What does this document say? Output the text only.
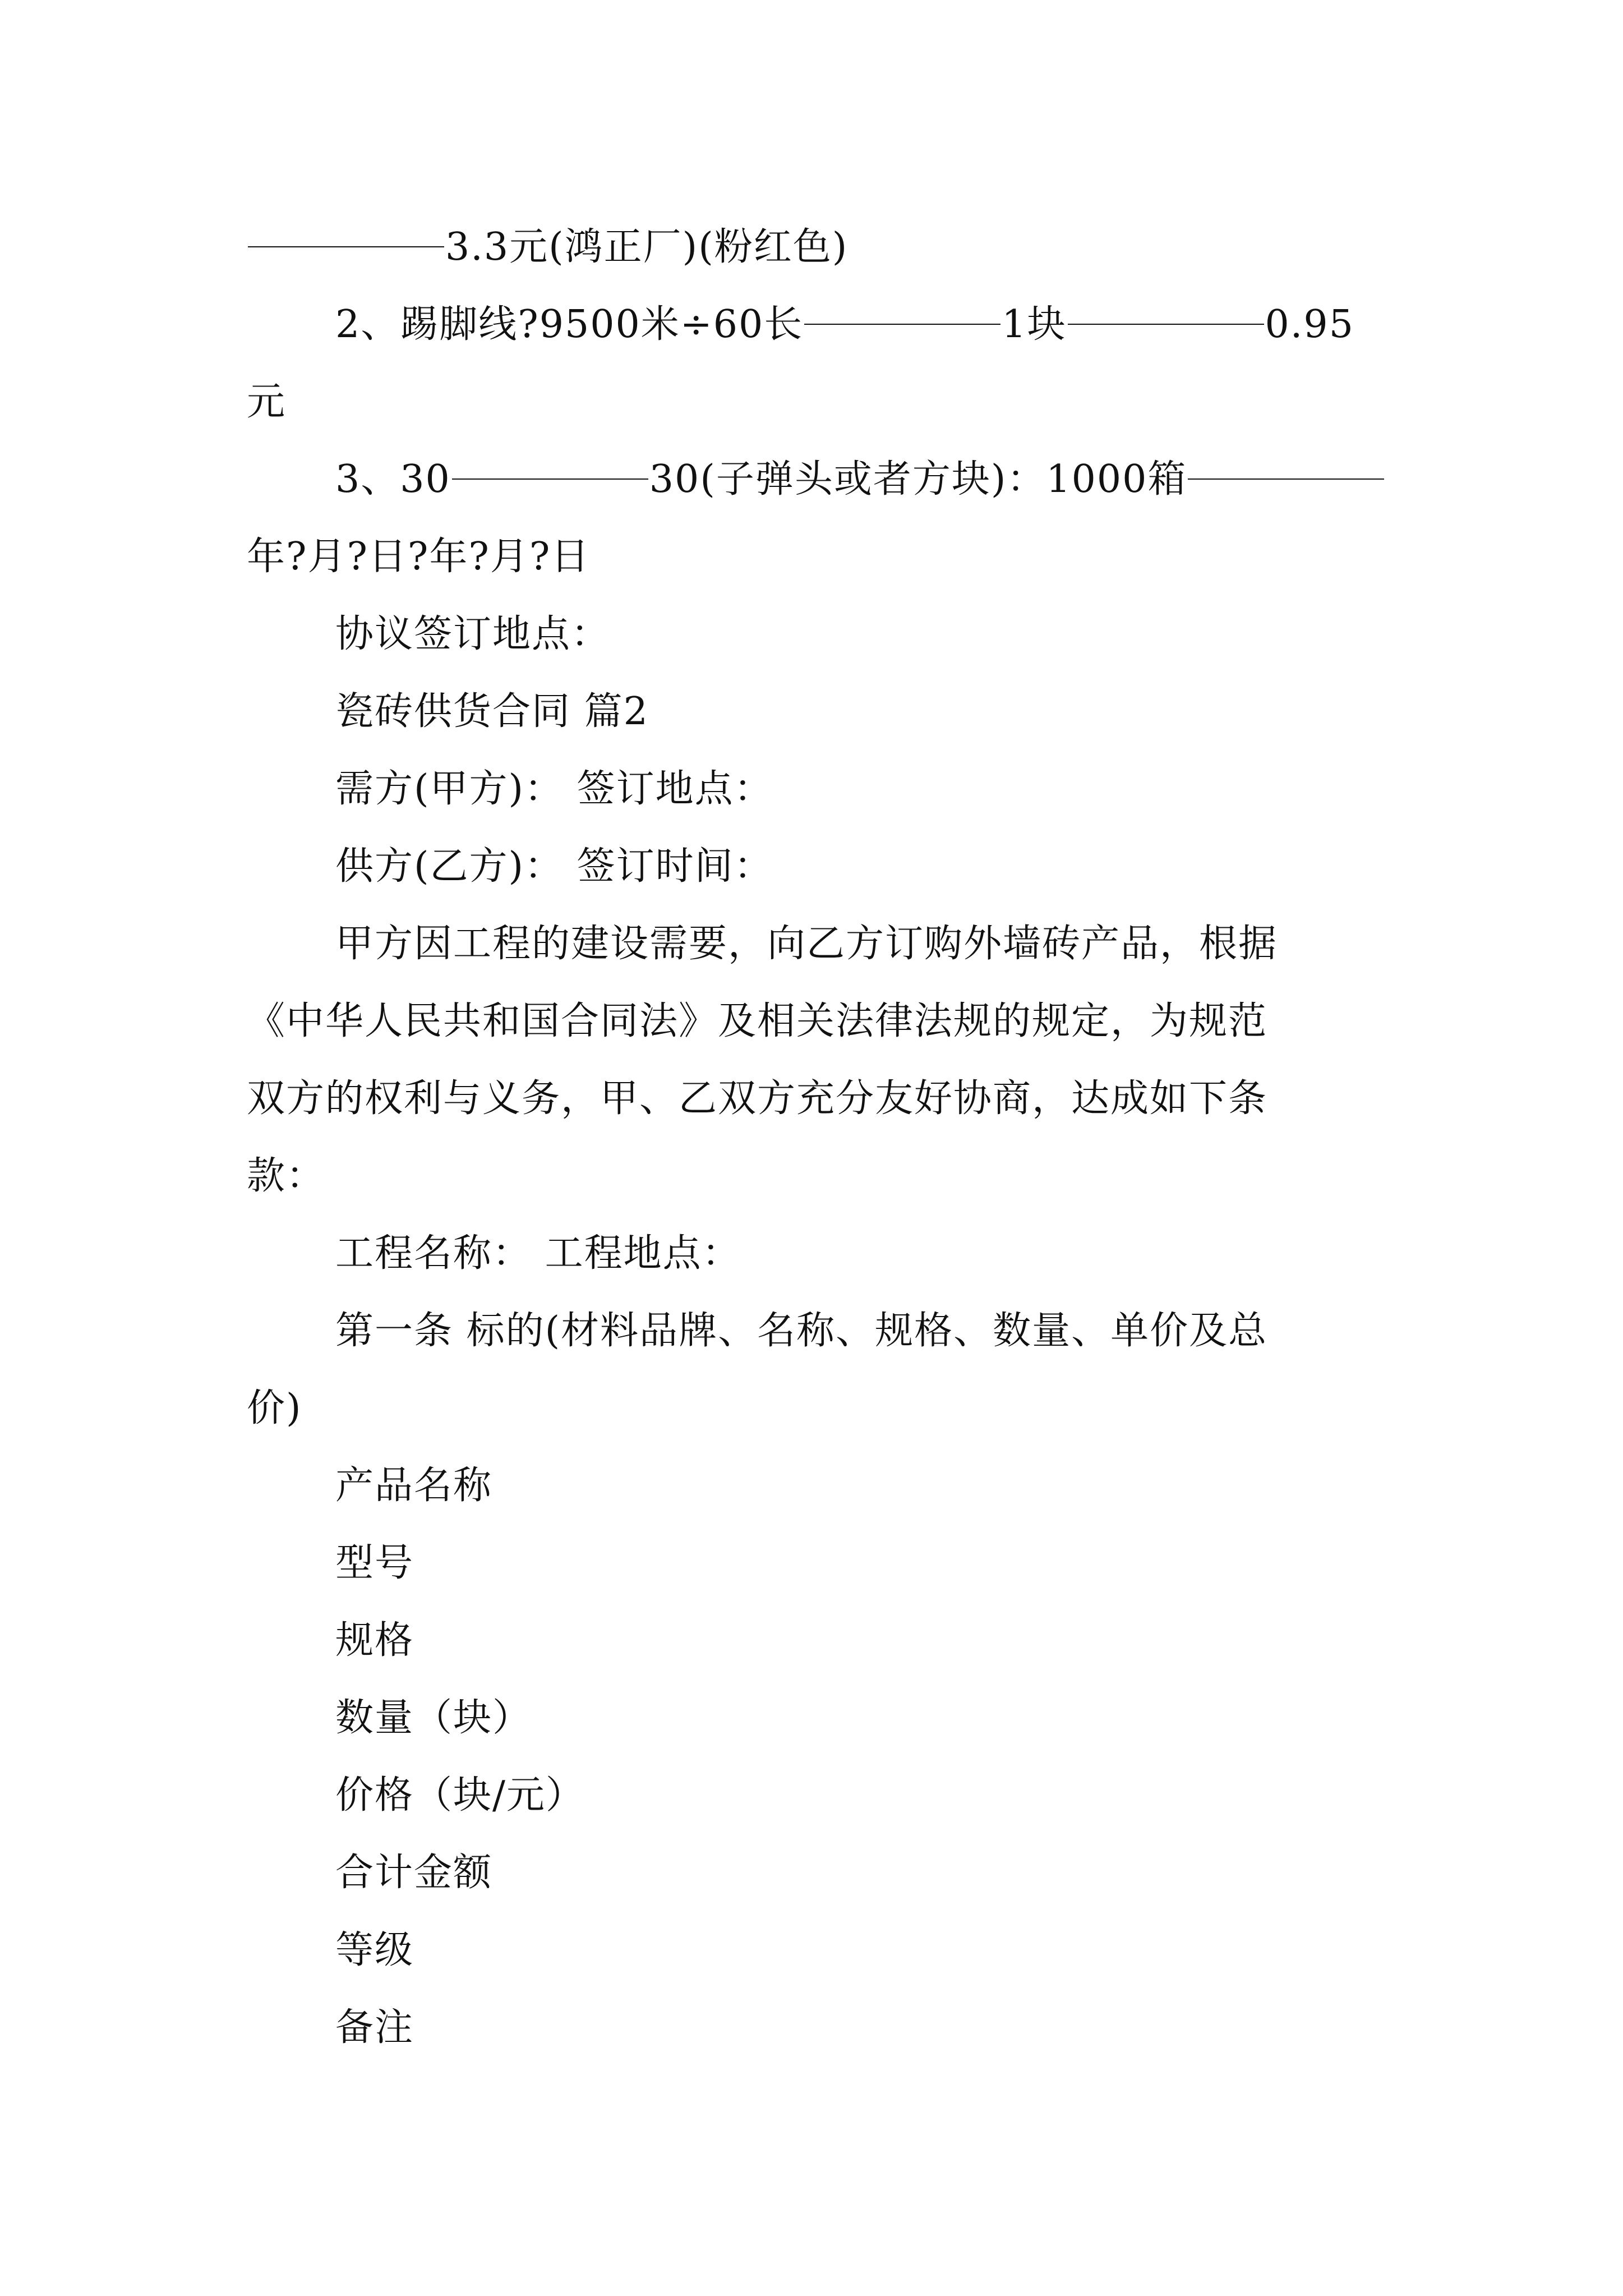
3.3元(鸿正厂)(粉红色)
2、踢脚线?9500米÷60长	1块	0.95
元
3、30	30(子弹头或者方块)：1000箱
年?月?日?年?月?日
协议签订地点：
瓷砖供货合同 篇2
需方(甲方)： 签订地点：
供方(乙方)： 签订时间：
甲方因工程的建设需要，向乙方订购外墙砖产品，根据
《中华人民共和国合同法》及相关法律法规的规定，为规范
双方的权利与义务，甲、乙双方充分友好协商，达成如下条
款：
工程名称： 工程地点：
第一条 标的(材料品牌、名称、规格、数量、单价及总
价)
产品名称
型号
规格
数量（块）
价格（块/元）
合计金额
等级
备注
